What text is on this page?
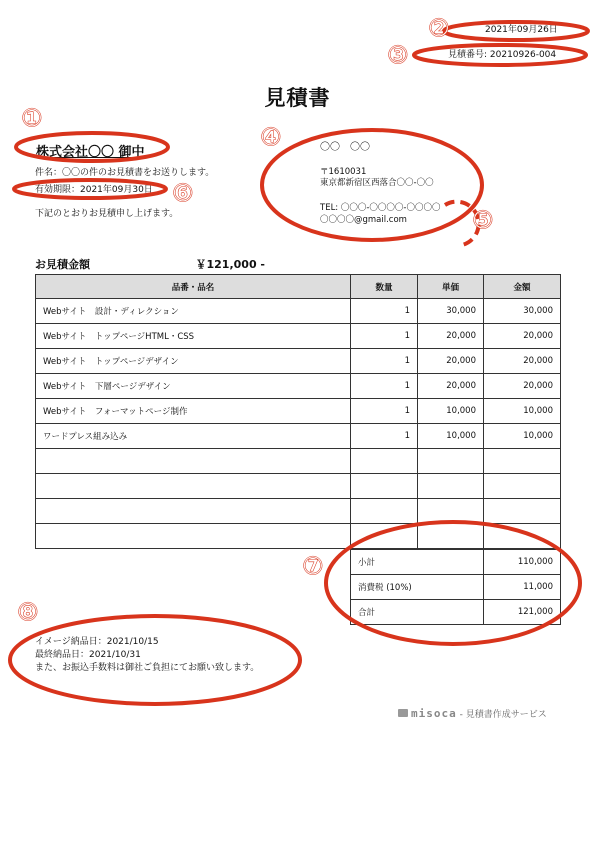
2021年09月26日
見積番号: 20210926-004
見積書
株式会社〇〇 御中
件名：〇〇の件のお見積書をお送りします。
有効期限：2021年09月30日
下記のとおりお見積申し上げます。
お見積金額	￥121,000 -
〇〇　〇〇
〒1610031
東京都新宿区西落合〇〇-〇〇
TEL: 〇〇〇-〇〇〇〇-〇〇〇〇
〇〇〇〇@gmail.com
品番・品名	数量	単価	金額
Webサイト　設計・ディレクション	1	30,000	30,000
Webサイト　トップページHTML・CSS	1	20,000	20,000
Webサイト　トップページデザイン	1	20,000	20,000
Webサイト　下層ページデザイン	1	20,000	20,000
Webサイト　フォーマットページ制作	1	10,000	10,000
ワードプレス組み込み	1	10,000	10,000

小計	110,000
消費税 (10%)	11,000
合計	121,000
イメージ納品日：2021/10/15
最終納品日：2021/10/31
また、お振込手数料は御社ご負担にてお願い致します。
misoca - 見積書作成サービス
①
②
③
④
⑤
⑥
⑦
⑧
